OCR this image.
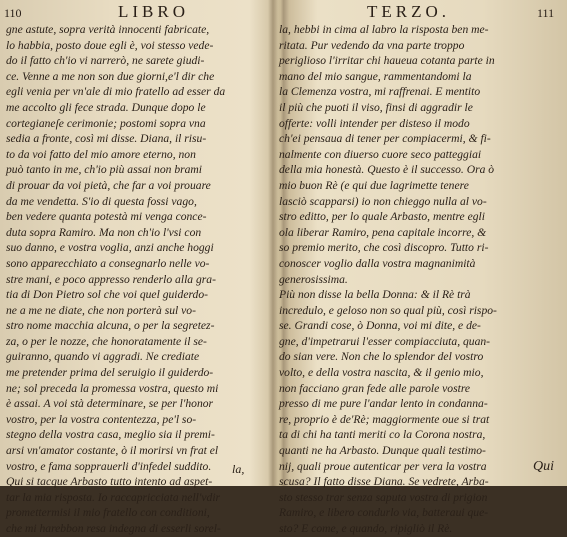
110	LIBRO
gne astute, sopra verità innocenti fabricate,
lo habbia, posto doue egli è, voi stesso vede-
do il fatto ch'io vi narrerò, ne sarete giudi-
ce. Venne a me non son due giorni,e'l dir che
egli venia per vn'ale di mio fratello ad esser da
me accolto gli fece strada. Dunque dopo le
cortegianeſe cerimonie; postomi sopra vna
sedia a fronte, così mi disse. Diana, il risu-
to da voi fatto del mio amore eterno, non
può tanto in me, ch'io più assai non brami
di prouar da voi pietà, che far a voi prouare
da me vendetta. S'io di questa fossi vago,
ben vedere quanta potestà mi venga conce-
duta sopra Ramiro. Ma non ch'io l'vsi con
suo danno, e vostra voglia, anzi anche hoggi
sono apparecchiato a consegnarlo nelle vo-
stre mani, e poco appresso renderlo alla gra-
tia di Don Pietro sol che voi quel guiderdo-
ne a me ne diate, che non porterà sul vo-
stro nome macchia alcuna, o per la segretez-
za, o per le nozze, che honoratamente il se-
guiranno, quando vi aggradi. Ne crediate
me pretender prima del seruigio il guiderdo-
ne; sol preceda la promessa vostra, questo mi
è assai. A voi stà determinare, se per l'honor
vostro, per la vostra contentezza, pe'l so-
stegno della vostra casa, meglio sia il premi-
arsi vn'amator costante, ò il morirsi vn frat el
vostro, e fama sopprauerli d'infedel suddito.
Qui si tacque Arbasto tutto intento ad aspet-
tar la mia risposta. Io raccapricciata nell'vdir
promettermisi il mio fratello con conditioni,
che mi harebbon resa indegna di esserli sorel-
la,
TERZO.	111
la, hebbi in cima al labro la risposta ben me-
ritata. Pur vedendo da vna parte troppo
periglioso l'irritar chi haueua cotanta parte in
mano del mio sangue, rammentandomi la
la Clemenza vostra, mi raffrenai. E mentito
il più che puoti il viso, finsi di aggradir le
offerte: volli intender per disteso il modo
ch'ei pensaua di tener per compiacermi, & fi-
nalmente con diuerso cuore seco patteggiai
della mia honestà. Questo è il successo. Ora ò
mio buon Rè (e qui due lagrimette tenere
lasciò scapparsi) io non chieggo nulla al vo-
stro editto, per lo quale Arbasto, mentre egli
ola liberar Ramiro, pena capitale incorre, &
so premio merito, che così discopro. Tutto ri-
conoscer voglio dalla vostra magnanimità
generosissima.
Più non disse la bella Donna: & il Rè trà
incredulo, e geloso non so qual più, così rispo-
se. Grandi cose, ò Donna, voi mi dite, e de-
gne, d'impetrarui l'esser compiacciuta, quan-
do sian vere. Non che lo splendor del vostro
volto, e della vostra nascita, & il genio mio,
non facciano gran fede alle parole vostre
presso di me pure l'andar lento in condanna-
re, proprio è de'Rè; maggiormente oue si trat
ta di chi ha tanti meriti co la Corona nostra,
quanti ne ha Arbasto. Dunque quali testimo-
nij, quali proue autenticar per vera la vostra
scusa? Il fatto disse Diana. Se vedrete, Arba-
sto stesso trar senza saputa vostra di prigion
Ramiro, e libero condurlo via, batteraui que-
sto? E come, e quando, ripigliò il Rè.
Qui
